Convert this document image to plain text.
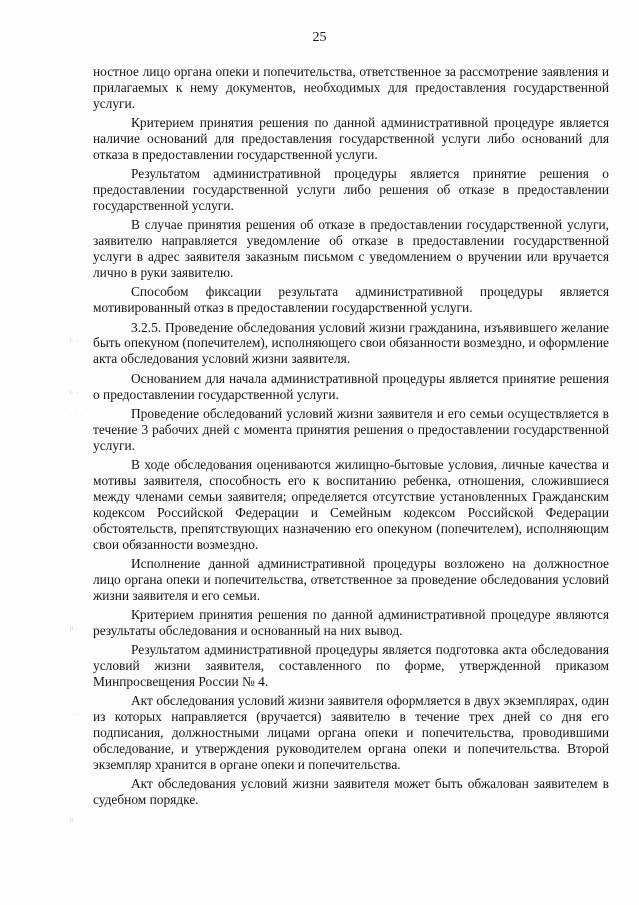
25
ι· .
ι· ·
· · ·
ρ · .
· ·· ·
ιι

ностное лицо органа опеки и попечительства, ответственное за рассмотрение заявления и прилагаемых к нему документов, необходимых для предоставления государственной услуги.

Критерием принятия решения по данной административной процедуре является наличие оснований для предоставления государственной услуги либо оснований для отказа в предоставлении государственной услуги.

Результатом административной процедуры является принятие решения о предоставлении государственной услуги либо решения об отказе в предоставлении государственной услуги.

В случае принятия решения об отказе в предоставлении государственной услуги, заявителю направляется уведомление об отказе в предоставлении государственной услуги в адрес заявителя заказным письмом с уведомлением о вручении или вручается лично в руки заявителю.

Способом фиксации результата административной процедуры является мотивированный отказ в предоставлении государственной услуги.

3.2.5. Проведение обследования условий жизни гражданина, изъявившего желание быть опекуном (попечителем), исполняющего свои обязанности возмездно, и оформление акта обследования условий жизни заявителя.

Основанием для начала административной процедуры является принятие решения о предоставлении государственной услуги.

Проведение обследований условий жизни заявителя и его семьи осуществляется в течение 3 рабочих дней с момента принятия решения о предоставлении государственной услуги.

В ходе обследования оцениваются жилищно-бытовые условия, личные качества и мотивы заявителя, способность его к воспитанию ребенка, отношения, сложившиеся между членами семьи заявителя; определяется отсутствие установленных Гражданским кодексом Российской Федерации и Семейным кодексом Российской Федерации обстоятельств, препятствующих назначению его опекуном (попечителем), исполняющим свои обязанности возмездно.

Исполнение данной административной процедуры возложено на должностное лицо органа опеки и попечительства, ответственное за проведение обследования условий жизни заявителя и его семьи.

Критерием принятия решения по данной административной процедуре являются результаты обследования и основанный на них вывод.

Результатом административной процедуры является подготовка акта обследования условий жизни заявителя, составленного по форме, утвержденной приказом Минпросвещения России № 4.

Акт обследования условий жизни заявителя оформляется в двух экземплярах, один из которых направляется (вручается) заявителю в течение трех дней со дня его подписания, должностными лицами органа опеки и попечительства, проводившими обследование, и утверждения руководителем органа опеки и попечительства. Второй экземпляр хранится в органе опеки и попечительства.

Акт обследования условий жизни заявителя может быть обжалован заявителем в судебном порядке.
